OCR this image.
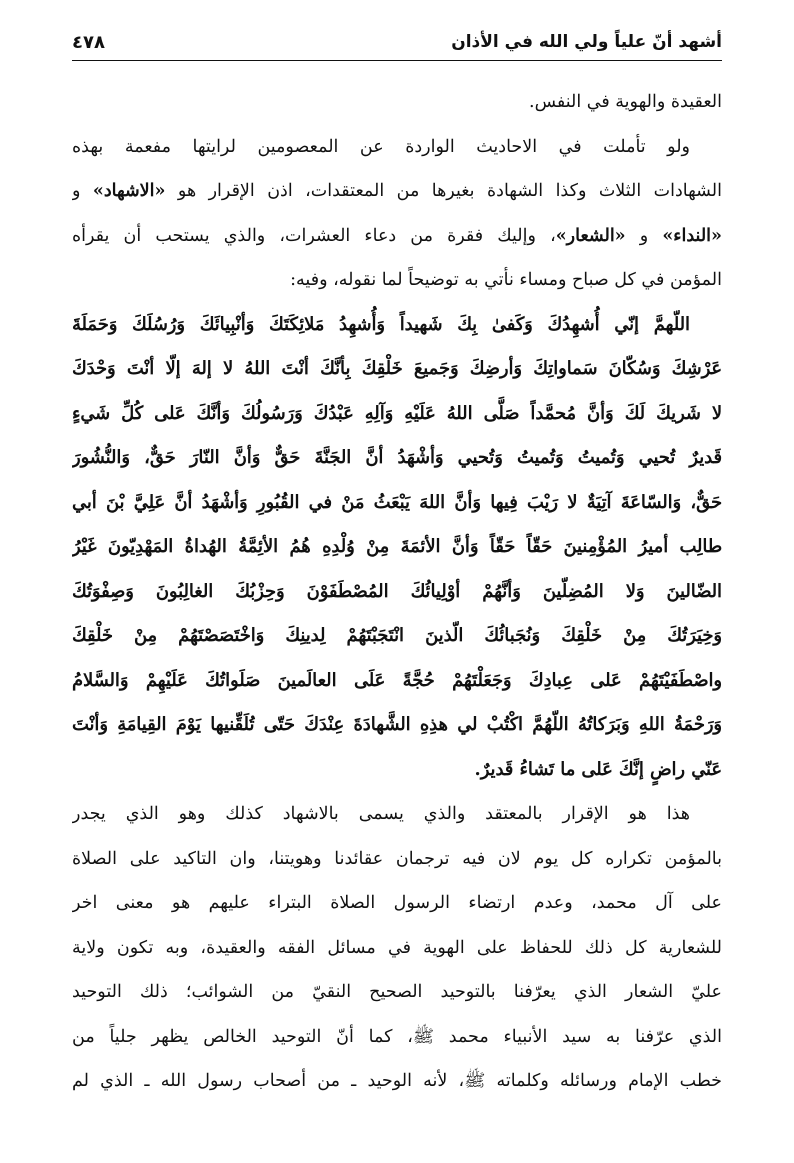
أشهد أنّ علياً ولي الله في الأذان
٤٧٨
العقيدة والهوية في النفس.
ولو تأملت في الاحاديث الواردة عن المعصومين لرايتها مفعمة بهذه
الشهادات الثلاث وكذا الشهادة بغيرها من المعتقدات، اذن الإقرار هو «الاشهاد» و
«النداء» و «الشعار»، وإليك فقرة من دعاء العشرات، والذي يستحب أن يقرأه
المؤمن في كل صباح ومساء نأتي به توضيحاً لما نقوله، وفيه:
اللّهمَّ إنّي أُشهِدُكَ وَكَفىٰ بِكَ شَهيداً وَأُشهِدُ مَلائِكَتَكَ وَأنْبِيائَكَ وَرُسُلَكَ وَحَمَلَةَ
عَرْشِكَ وَسُكّانَ سَماواتِكَ وَأرضِكَ وَجَميعَ خَلْقِكَ بِأنَّكَ أنْتَ اللهُ لا إلهَ إلّا أنْتَ وَحْدَكَ
لا شَريكَ لَكَ وَأنَّ مُحمَّداً صَلَّى اللهُ عَلَيْهِ وَآلِهِ عَبْدُكَ وَرَسُولُكَ وَأنَّكَ عَلى كُلِّ شَيءٍ
قَديرٌ تُحيي وَتُميتُ وَتُميتُ وَتُحيي وَأشْهَدُ أنَّ الجَنَّةَ حَقٌّ وَأنَّ النّارَ حَقٌّ، وَالنُّشُورَ
حَقٌّ، وَالسّاعَةَ آتِيَةٌ لا رَيْبَ فِيها وَأنَّ اللهَ يَبْعَثُ مَنْ في القُبُورِ وَأشْهَدُ أنَّ عَلِيَّ بْنَ أبي
طالِب أميرُ المُؤْمِنينَ حَقّاً حَقّاً وَأنَّ الأئمَةَ مِنْ وُلْدِهِ هُمُ الأئِمَّةُ الهُداةُ المَهْدِيّونَ غَيْرُ
الضّالينَ وَلا المُضِلّينَ وَأنَّهُمْ أوْلِيائُكَ المُصْطَفَوْنَ وَحِزْبُكَ الغالِبُونَ وَصِفْوَتُكَ
وَخِيَرَتُكَ مِنْ خَلْقِكَ وَنُجَبائُكَ الّذينَ انْتَجَبْتَهُمْ لِدينِكَ وَاخْتَصَصْتَهُمْ مِنْ خَلْقِكَ
واصْطَفَيْتَهُمْ عَلى عِبادِكَ وَجَعَلْتَهُمْ حُجَّةً عَلَى العالَمينَ صَلَواتُكَ عَلَيْهِمْ وَالسَّلامُ
وَرَحْمَةُ اللهِ وَبَرَكاتُهُ اللّهُمَّ اكْتُبْ لي هذِهِ الشَّهادَةَ عِنْدَكَ حَتّى تُلَقِّنيها يَوْمَ القِيامَةِ وَأنْتَ
عَنّي راضٍ إنَّكَ عَلى ما تَشاءُ قَديرٌ.
هذا هو الإقرار بالمعتقد والذي يسمى بالاشهاد كذلك وهو الذي يجدر
بالمؤمن تكراره كل يوم لان فيه ترجمان عقائدنا وهويتنا، وان التاكيد على الصلاة
على آل محمد، وعدم ارتضاء الرسول الصلاة البتراء عليهم هو معنى اخر
للشعارية كل ذلك للحفاظ على الهوية في مسائل الفقه والعقيدة، وبه تكون ولاية
عليّ الشعار الذي يعرّفنا بالتوحيد الصحيح النقيّ من الشوائب؛ ذلك التوحيد
الذي عرّفنا به سيد الأنبياء محمد ﷺ، كما أنّ التوحيد الخالص يظهر جلياً من
خطب الإمام ورسائله وكلماته ﷺ، لأنه الوحيد ـ من أصحاب رسول الله ـ الذي لم
